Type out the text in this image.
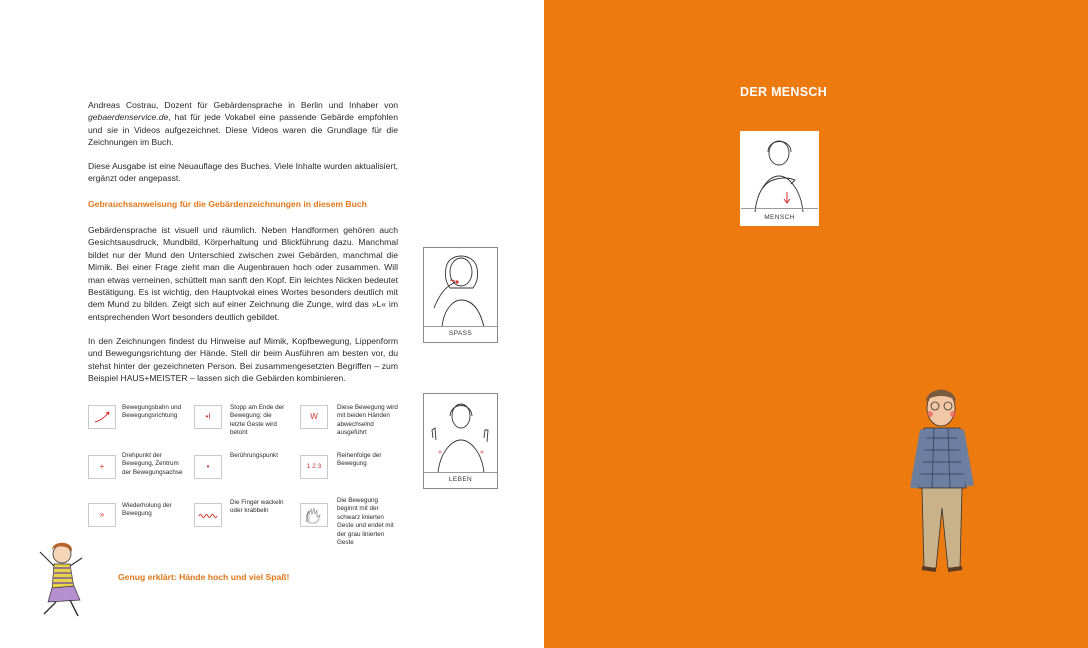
Andreas Costrau, Dozent für Gebärdensprache in Berlin und Inhaber von gebaerdenservice.de, hat für jede Vokabel eine passende Gebärde empfohlen und sie in Videos aufgezeichnet. Diese Videos waren die Grundlage für die Zeichnungen im Buch.

Diese Ausgabe ist eine Neuauflage des Buches. Viele Inhalte wurden aktualisiert, ergänzt oder angepasst.

Gebrauchsanweisung für die Gebärdenzeichnungen in diesem Buch

Gebärdensprache ist visuell und räumlich. Neben Handformen gehören auch Gesichtsausdruck, Mundbild, Körperhaltung und Blickführung dazu. Manchmal bildet nur der Mund den Unterschied zwischen zwei Gebärden, manchmal die Mimik. Bei einer Frage zieht man die Augenbrauen hoch oder zusammen. Will man etwas verneinen, schüttelt man sanft den Kopf. Ein leichtes Nicken bedeutet Bestätigung. Es ist wichtig, den Hauptvokal eines Wortes besonders deutlich mit dem Mund zu bilden. Zeigt sich auf einer Zeichnung die Zunge, wird das »L« im entsprechenden Wort besonders deutlich gebildet.

In den Zeichnungen findest du Hinweise auf Mimik, Kopfbewegung, Lippenform und Bewegungsrichtung der Hände. Stell dir beim Ausführen am besten vor, du stehst hinter der gezeichneten Person. Bei zusammengesetzten Begriffen – zum Beispiel HAUS+MEISTER – lassen sich die Gebärden kombinieren.

Bewegungsbahn und Bewegungsrichtung	•I

Stopp am Ende der Bewegung; die letzte Geste wird betont

W

Diese Bewegung wird mit beiden Händen abwechselnd ausgeführt

+

Drehpunkt der Bewegung, Zentrum der Bewegungsachse

•

Berührungspunkt

1 2 3

Reihenfolge der Bewegung

»

Wiederholung der Bewegung

Die Finger wackeln oder krabbeln

Die Bewegung beginnt mit der schwarz linierten Geste und endet mit der grau linierten Geste

SPASS
»	«
LEBEN

Genug erklärt: Hände hoch und viel Spaß!

DER MENSCH

MENSCH
